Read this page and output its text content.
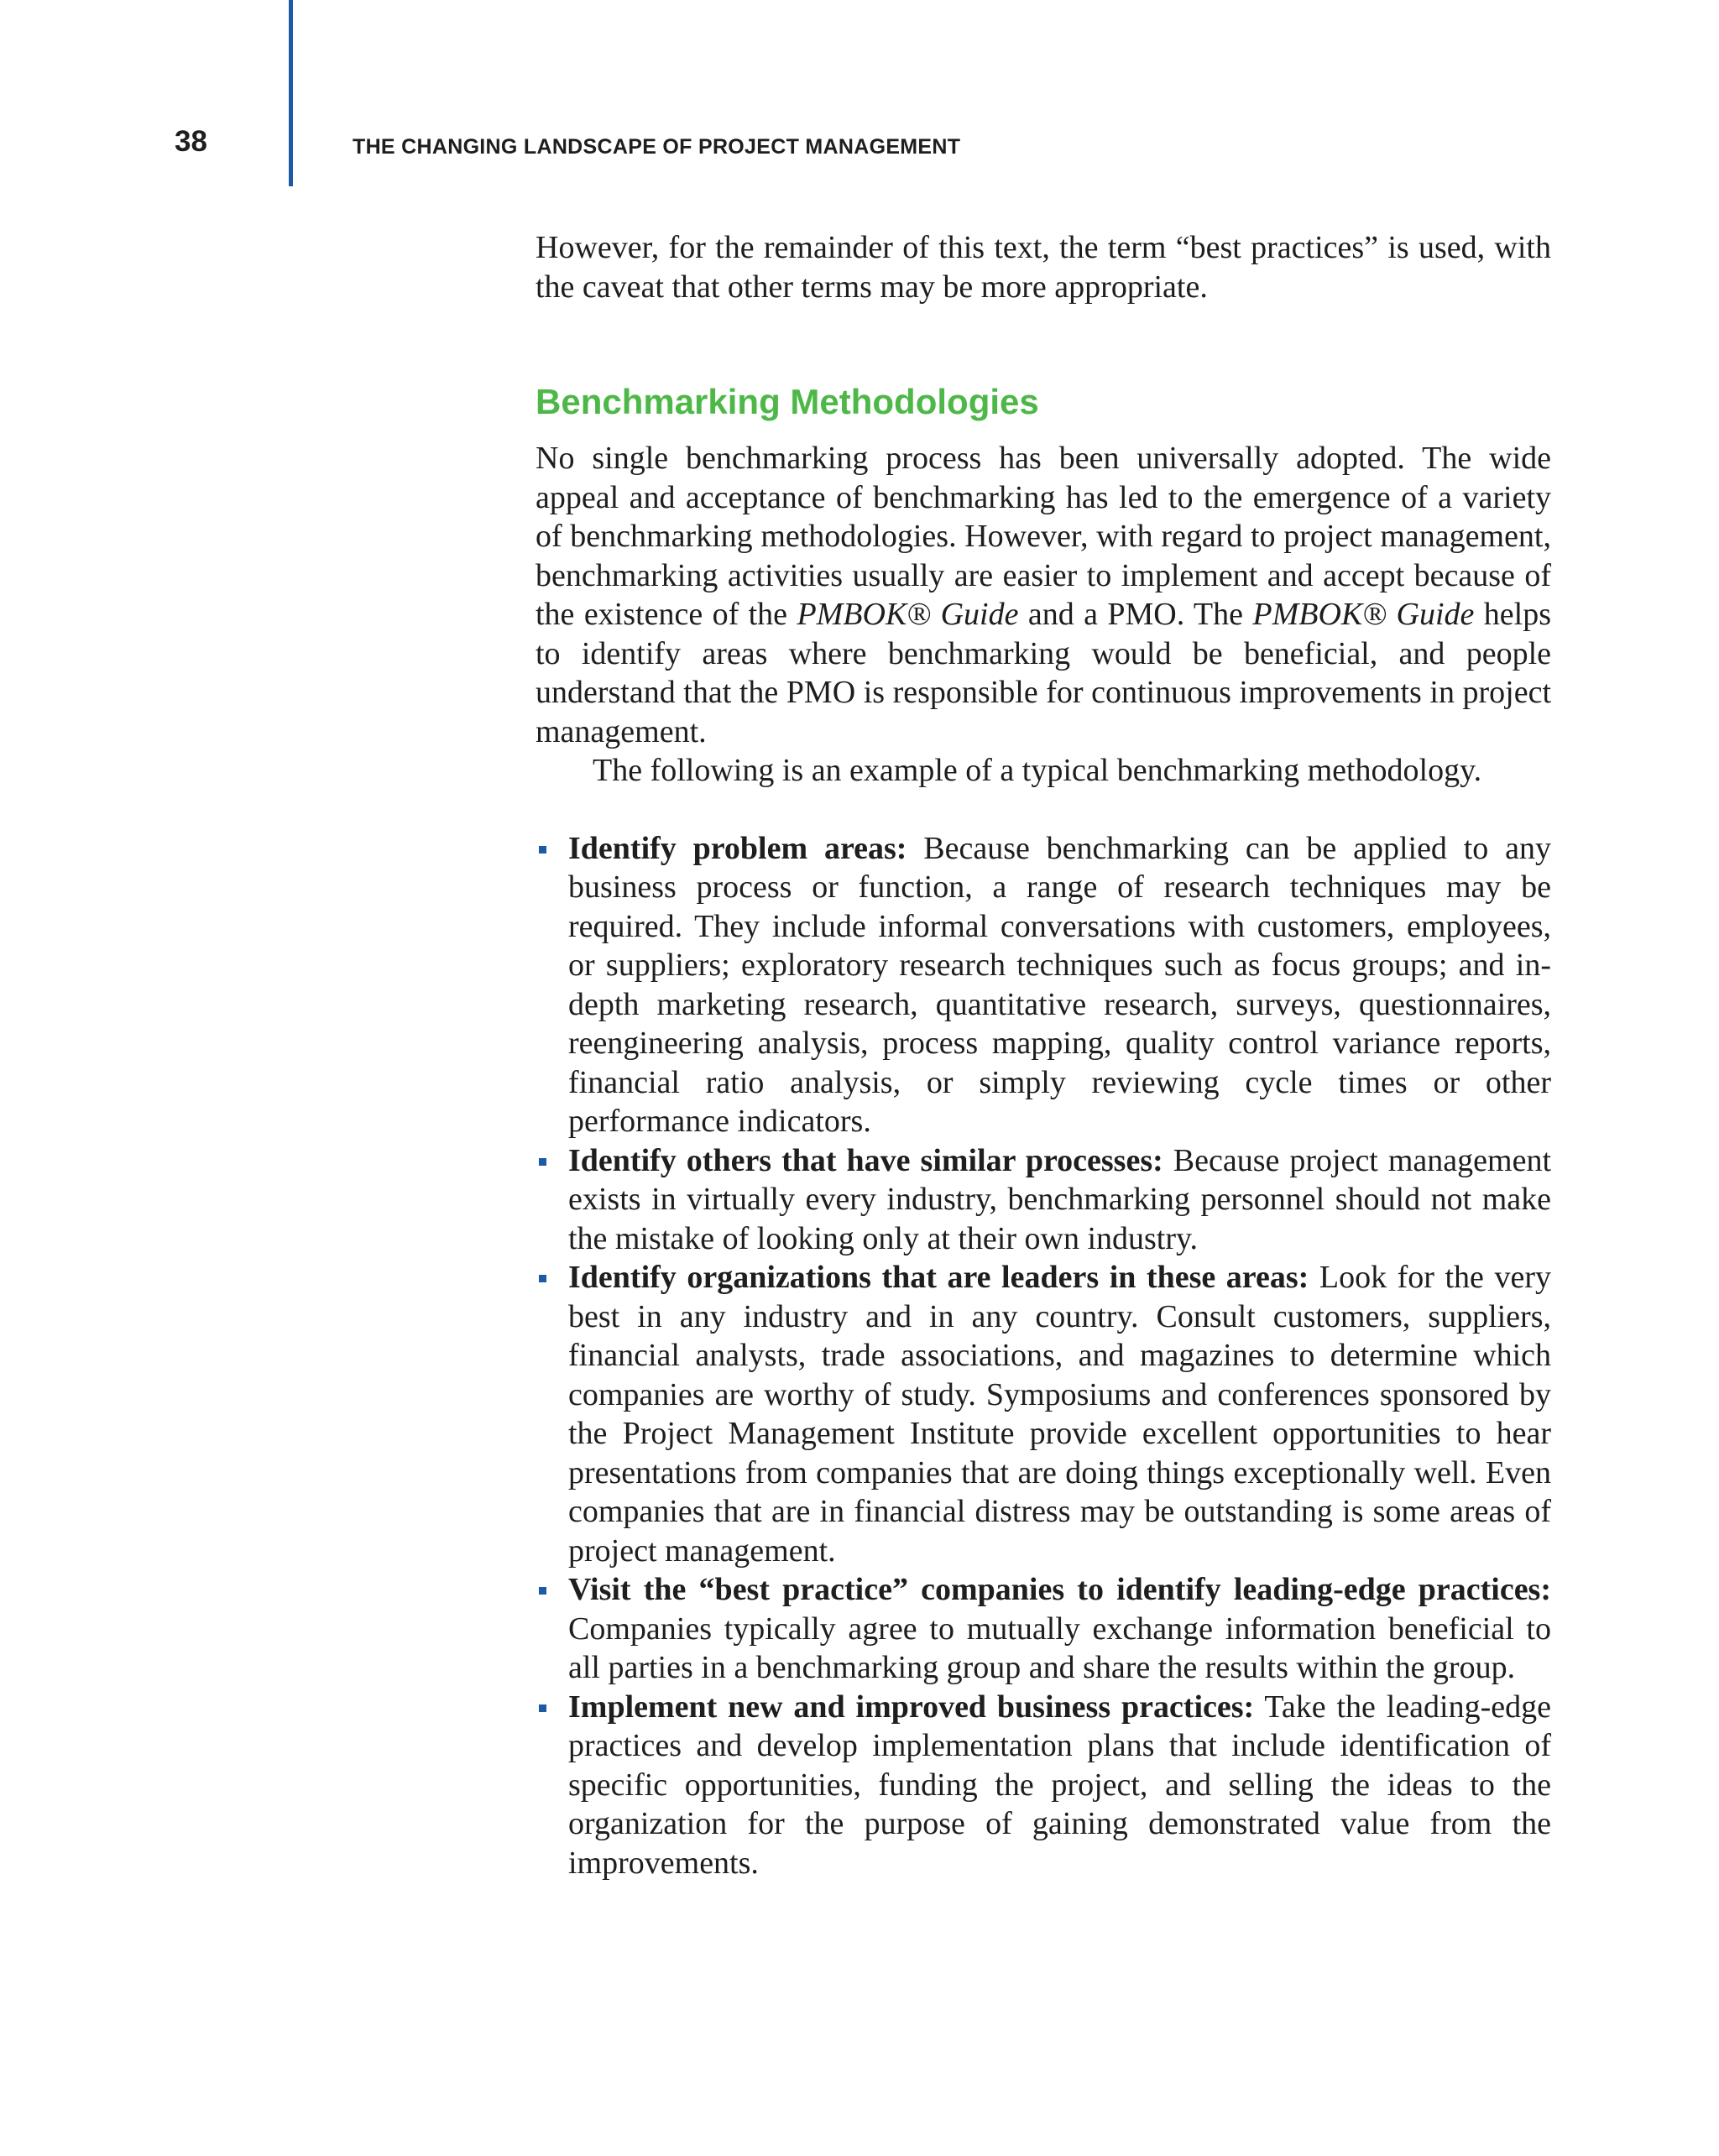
38	THE CHANGING LANDSCAPE OF PROJECT MANAGEMENT

However, for the remainder of this text, the term “best practices” is used, with the caveat that other terms may be more appropriate.

Benchmarking Methodologies

No single benchmarking process has been universally adopted. The wide appeal and acceptance of benchmarking has led to the emergence of a variety of benchmarking methodologies. However, with regard to project management, benchmarking activities usually are easier to implement and accept because of the existence of the PMBOK® Guide and a PMO. The PMBOK® Guide helps to identify areas where benchmarking would be beneficial, and people understand that the PMO is responsible for continuous improvements in project management.

The following is an example of a typical benchmarking methodology.

Identify problem areas: Because benchmarking can be applied to any business process or function, a range of research techniques may be required. They include informal conversations with customers, employees, or suppliers; exploratory research techniques such as focus groups; and in-depth marketing research, quantitative research, surveys, questionnaires, reengineering analysis, process mapping, quality control variance reports, financial ratio analysis, or simply reviewing cycle times or other performance indicators.
Identify others that have similar processes: Because project management exists in virtually every industry, benchmarking personnel should not make the mistake of looking only at their own industry.
Identify organizations that are leaders in these areas: Look for the very best in any industry and in any country. Consult customers, suppliers, financial analysts, trade associations, and magazines to determine which companies are worthy of study. Symposiums and conferences sponsored by the Project Management Institute provide excellent opportunities to hear presentations from companies that are doing things exceptionally well. Even companies that are in financial distress may be outstanding is some areas of project management.
Visit the “best practice” companies to identify leading-edge practices: Companies typically agree to mutually exchange information beneficial to all parties in a benchmarking group and share the results within the group.
Implement new and improved business practices: Take the leading-edge practices and develop implementation plans that include identification of specific opportunities, funding the project, and selling the ideas to the organization for the purpose of gaining demonstrated value from the improvements.
